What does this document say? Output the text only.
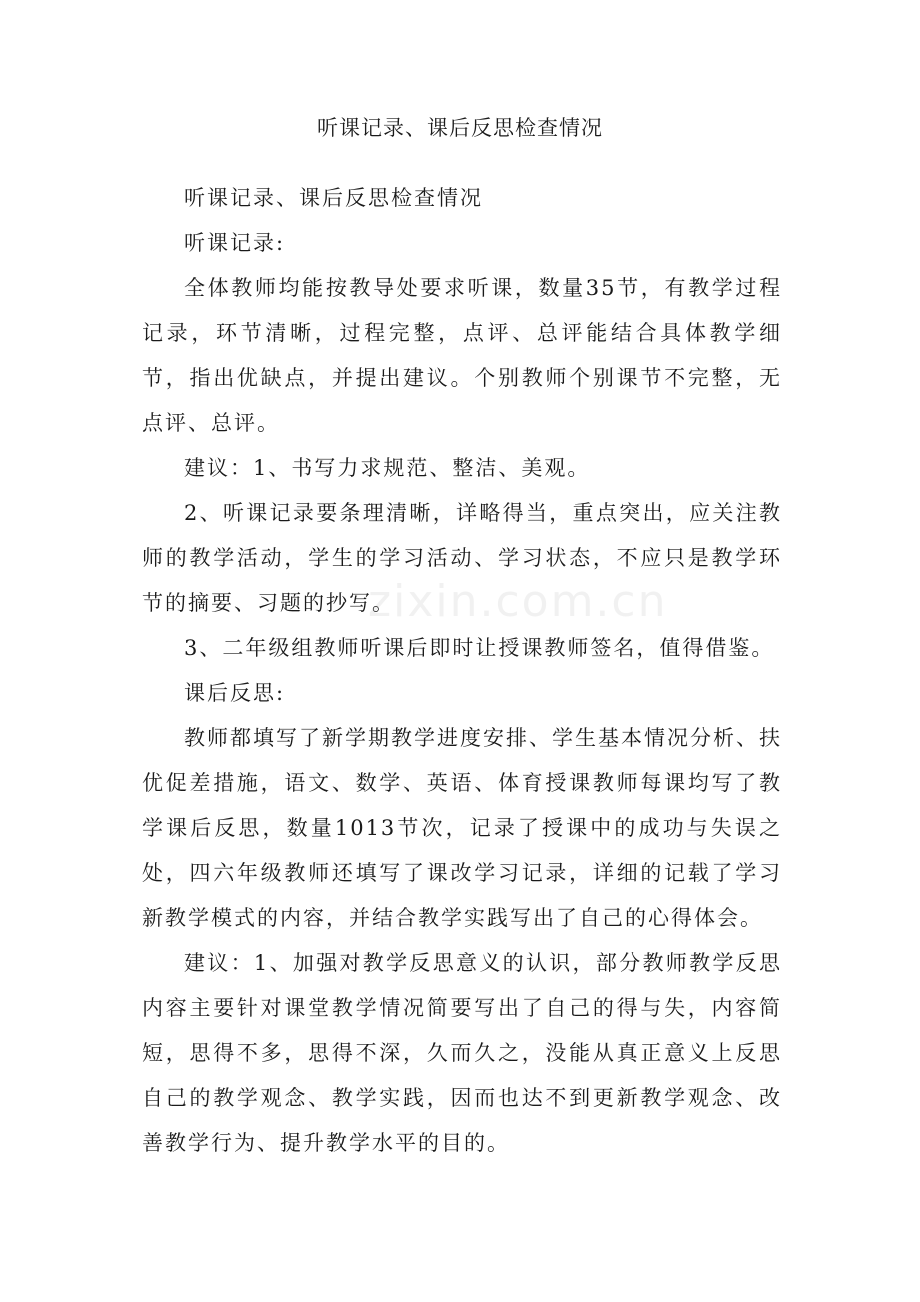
听课记录、课后反思检查情况

听课记录、课后反思检查情况

听课记录:

全体教师均能按教导处要求听课，数量35节，有教学过程记录，环节清晰，过程完整，点评、总评能结合具体教学细节，指出优缺点，并提出建议。个别教师个别课节不完整，无点评、总评。

建议：1、书写力求规范、整洁、美观。

2、听课记录要条理清晰，详略得当，重点突出，应关注教师的教学活动，学生的学习活动、学习状态，不应只是教学环节的摘要、习题的抄写。

3、二年级组教师听课后即时让授课教师签名，值得借鉴。

课后反思:

教师都填写了新学期教学进度安排、学生基本情况分析、扶优促差措施，语文、数学、英语、体育授课教师每课均写了教学课后反思，数量1013节次，记录了授课中的成功与失误之处，四六年级教师还填写了课改学习记录，详细的记载了学习新教学模式的内容，并结合教学实践写出了自己的心得体会。

建议：1、加强对教学反思意义的认识，部分教师教学反思内容主要针对课堂教学情况简要写出了自己的得与失，内容简短，思得不多，思得不深，久而久之，没能从真正意义上反思自己的教学观念、教学实践，因而也达不到更新教学观念、改善教学行为、提升教学水平的目的。

zixin.com.cn
